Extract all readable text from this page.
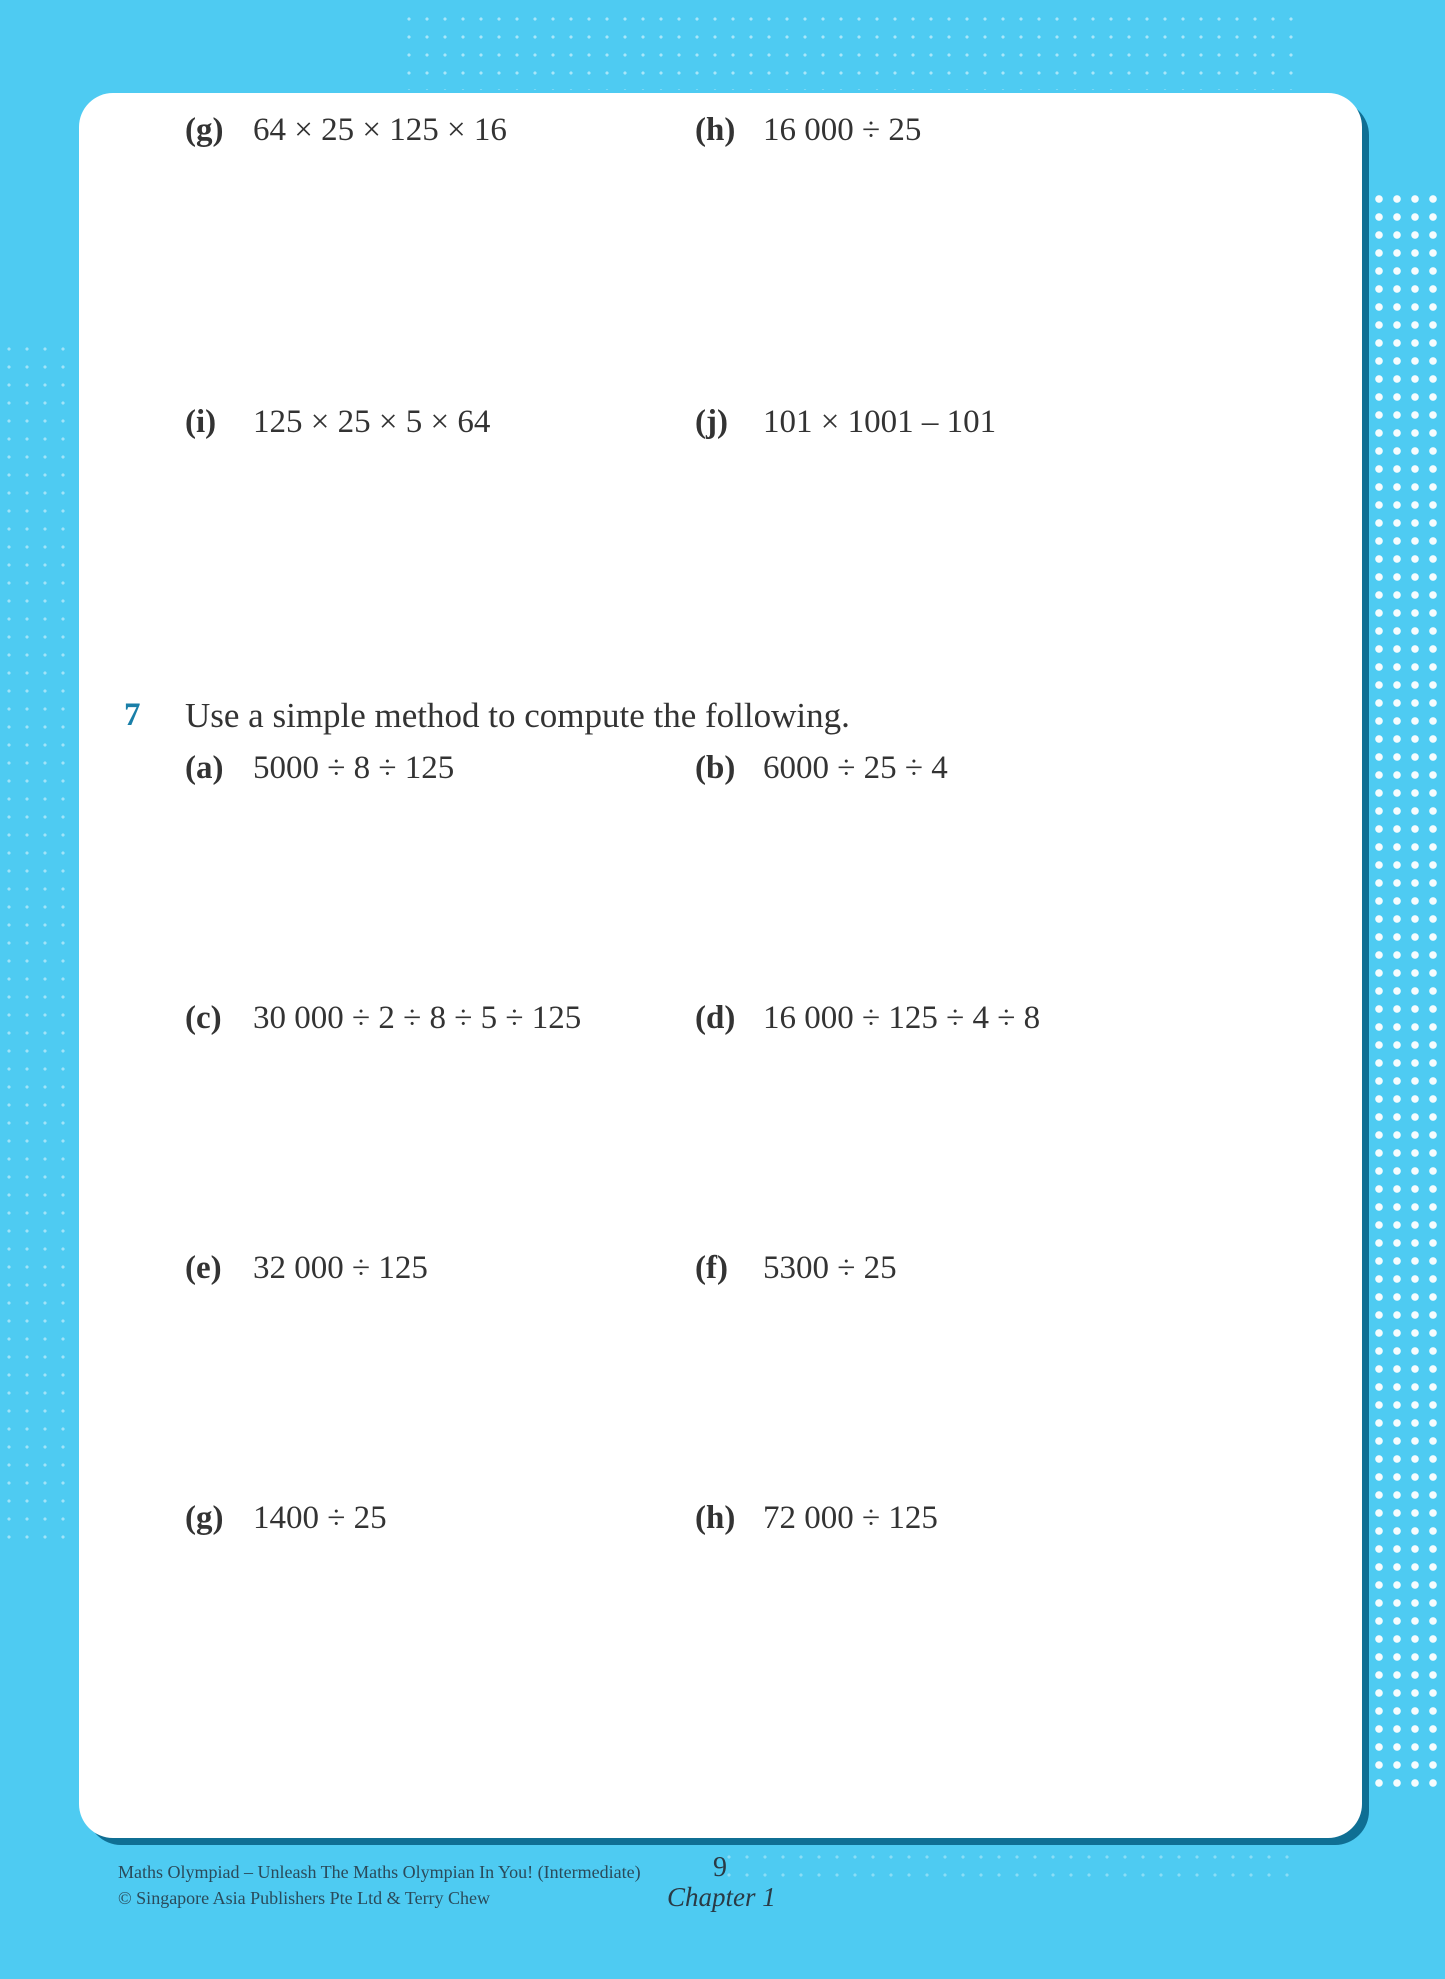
(g) 64 × 25 × 125 × 16	(h) 16 000 ÷ 25
(i) 125 × 25 × 5 × 64	(j) 101 × 1001 – 101
7 Use a simple method to compute the following.
(a) 5000 ÷ 8 ÷ 125	(b) 6000 ÷ 25 ÷ 4
(c) 30 000 ÷ 2 ÷ 8 ÷ 5 ÷ 125	(d) 16 000 ÷ 125 ÷ 4 ÷ 8
(e) 32 000 ÷ 125	(f) 5300 ÷ 25
(g) 1400 ÷ 25	(h) 72 000 ÷ 125
Maths Olympiad – Unleash The Maths Olympian In You! (Intermediate)
© Singapore Asia Publishers Pte Ltd & Terry Chew
9
Chapter 1
